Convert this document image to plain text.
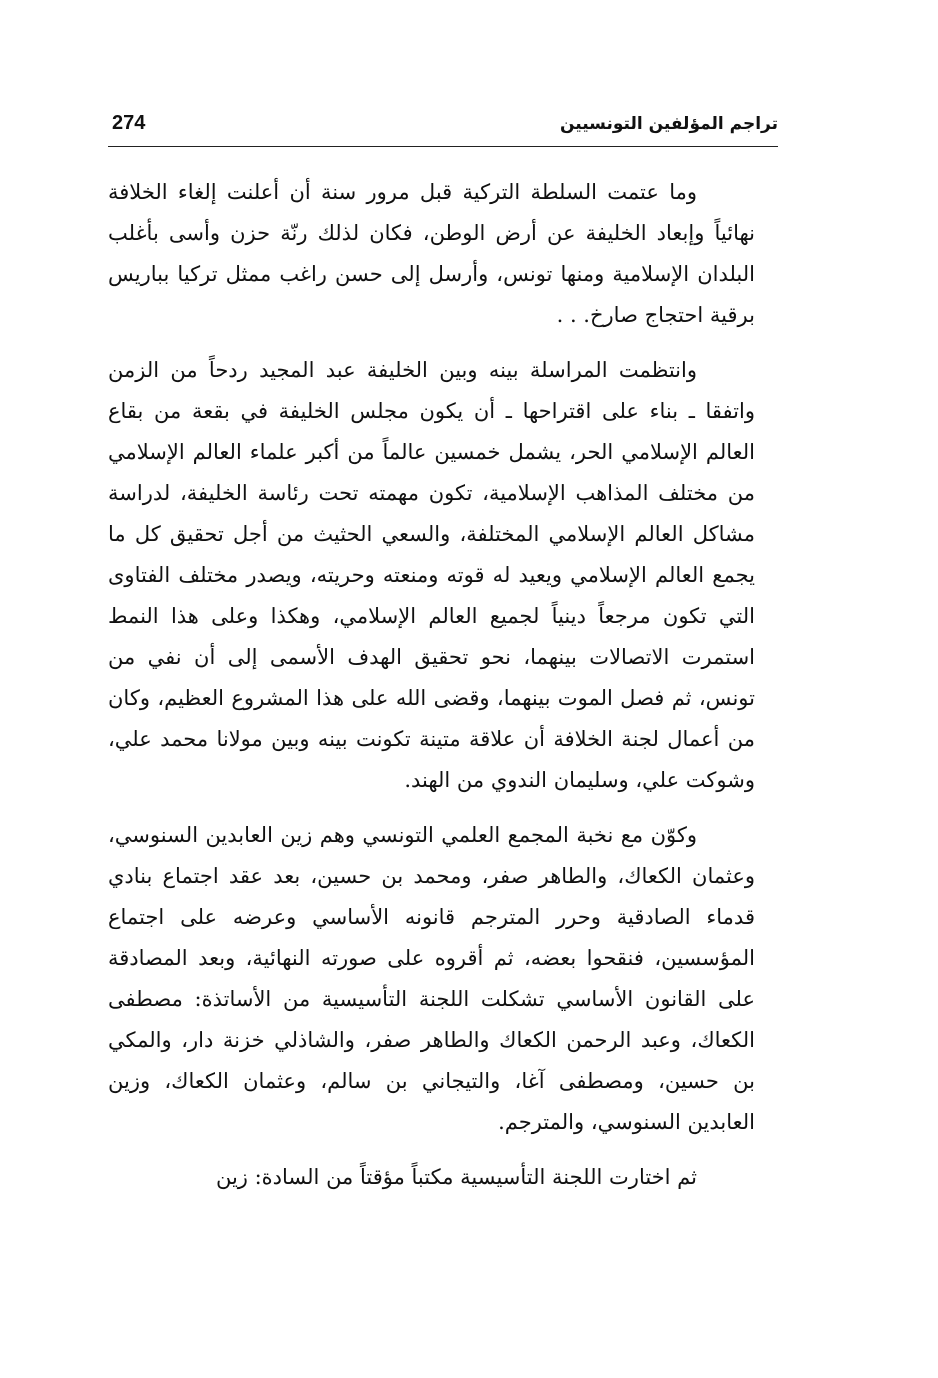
تراجم المؤلفين التونسيين
274

وما عتمت السلطة التركية قبل مرور سنة أن أعلنت إلغاء الخلافة نهائياً وإبعاد الخليفة عن أرض الوطن، فكان لذلك رنّة حزن وأسى بأغلب البلدان الإسلامية ومنها تونس، وأرسل إلى حسن راغب ممثل تركيا بباريس برقية احتجاج صارخ. . .

وانتظمت المراسلة بينه وبين الخليفة عبد المجيد ردحاً من الزمن واتفقا ـ بناء على اقتراحها ـ أن يكون مجلس الخليفة في بقعة من بقاع العالم الإسلامي الحر، يشمل خمسين عالماً من أكبر علماء العالم الإسلامي من مختلف المذاهب الإسلامية، تكون مهمته تحت رئاسة الخليفة، لدراسة مشاكل العالم الإسلامي المختلفة، والسعي الحثيث من أجل تحقيق كل ما يجمع العالم الإسلامي ويعيد له قوته ومنعته وحريته، ويصدر مختلف الفتاوى التي تكون مرجعاً دينياً لجميع العالم الإسلامي، وهكذا وعلى هذا النمط استمرت الاتصالات بينهما، نحو تحقيق الهدف الأسمى إلى أن نفي من تونس، ثم فصل الموت بينهما، وقضى الله على هذا المشروع العظيم، وكان من أعمال لجنة الخلافة أن علاقة متينة تكونت بينه وبين مولانا محمد علي، وشوكت علي، وسليمان الندوي من الهند.

وكوّن مع نخبة المجمع العلمي التونسي وهم زين العابدين السنوسي، وعثمان الكعاك، والطاهر صفر، ومحمد بن حسين، بعد عقد اجتماع بنادي قدماء الصادقية وحرر المترجم قانونه الأساسي وعرضه على اجتماع المؤسسين، فنقحوا بعضه، ثم أقروه على صورته النهائية، وبعد المصادقة على القانون الأساسي تشكلت اللجنة التأسيسية من الأساتذة: مصطفى الكعاك، وعبد الرحمن الكعاك والطاهر صفر، والشاذلي خزنة دار، والمكي بن حسين، ومصطفى آغا، والتيجاني بن سالم، وعثمان الكعاك، وزين العابدين السنوسي، والمترجم.

ثم اختارت اللجنة التأسيسية مكتباً مؤقتاً من السادة: زين
